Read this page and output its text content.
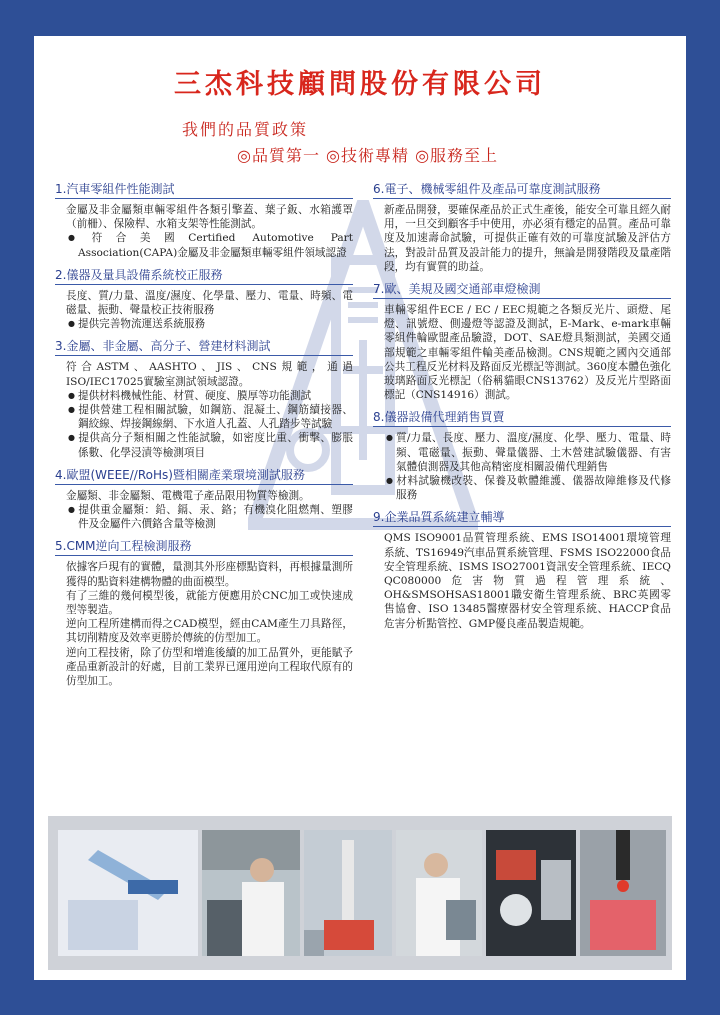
三杰科技顧問股份有限公司
我們的品質政策
◎品質第一 ◎技術專精 ◎服務至上
1.汽車零組件性能測試

金屬及非金屬類車輛零組件各類引擎蓋、葉子鈑、水箱護罩（前柵）、保險桿、水箱支架等性能測試。

● 符合美國Certified Automotive Part Association(CAPA)金屬及非金屬類車輛零組件領域認證

2.儀器及量具設備系統校正服務

長度、質/力量、溫度/濕度、化學量、壓力、電量、時頻、電磁量、振動、聲量校正技術服務

● 提供完善物流運送系統服務

3.金屬、非金屬、高分子、營建材料測試

符合ASTM、AASHTO、JIS、CNS規範，通過ISO/IEC17025實驗室測試領域認證。

● 提供材料機械性能、材質、硬度、膜厚等功能測試

● 提供營建工程相關試驗，如鋼筋、混凝土、鋼筋續接器、鋼絞線、焊接鋼線網、下水道人孔蓋、人孔踏步等試驗

● 提供高分子類相關之性能試驗，如密度比重、衝擊、膨脹係數、化學浸漬等檢測項目

4.歐盟(WEEE//RoHs)暨相關產業環境測試服務

金屬類、非金屬類、電機電子產品限用物質等檢測。

● 提供重金屬類：鉛、鎘、汞、鉻；有機溴化阻燃劑、塑膠件及金屬件六價鉻含量等檢測

5.CMM逆向工程檢測服務

依據客戶現有的實體，量測其外形座標點資料，再根據量測所獲得的點資料建構物體的曲面模型。

有了三維的幾何模型後，就能方便應用於CNC加工或快速成型等製造。

逆向工程所建構而得之CAD模型，經由CAM產生刀具路徑，其切削精度及效率更勝於傳統的仿型加工。

逆向工程技術，除了仿型和增進後續的加工品質外，更能賦予產品重新設計的好處，目前工業界已運用逆向工程取代原有的仿型加工。

6.電子、機械零組件及產品可靠度測試服務

新產品開發，要確保產品於正式生產後，能安全可靠且經久耐用，一旦交到顧客手中使用，亦必須有穩定的品質。產品可靠度及加速壽命試驗，可提供正確有效的可靠度試驗及評估方法，對設計品質及設計能力的提升，無論是開發階段及量產階段，均有實質的助益。

7.歐、美規及國交通部車燈檢測

車輛零組件ECE / EC / EEC規範之各類反光片、頭燈、尾燈、訊號燈、側邊燈等認證及測試，E-Mark、e-mark車輛零組件輪歐盟產品驗證，DOT、SAE燈具類測試，美國交通部規範之車輛零組件輪美產品檢測。CNS規範之國內交通部公共工程反光材料及路面反光標記等測試。360度本體色強化玻璃路面反光標記（俗稱貓眼CNS13762）及反光片型路面標記（CNS14916）測試。

8.儀器設備代理銷售買賣

● 質/力量、長度、壓力、溫度/濕度、化學、壓力、電量、時頻、電磁量、振動、聲量儀器、土木營建試驗儀器、有害氣體偵測器及其他高精密度相關設備代理銷售

● 材料試驗機改裝、保養及軟體維護、儀器故障維修及代修服務

9.企業品質系統建立輔導

QMS ISO9001品質管理系統、EMS ISO14001環境管理系統、TS16949汽車品質系統管理、FSMS ISO22000食品安全管理系統、ISMS ISO27001資訊安全管理系統、IECQ QC080000危害物質過程管理系統、OH&SMSOHSAS18001職安衛生管理系統、BRC英國零售協會、ISO 13485醫療器材安全管理系統、HACCP食品危害分析點管控、GMP優良產品製造規範。
